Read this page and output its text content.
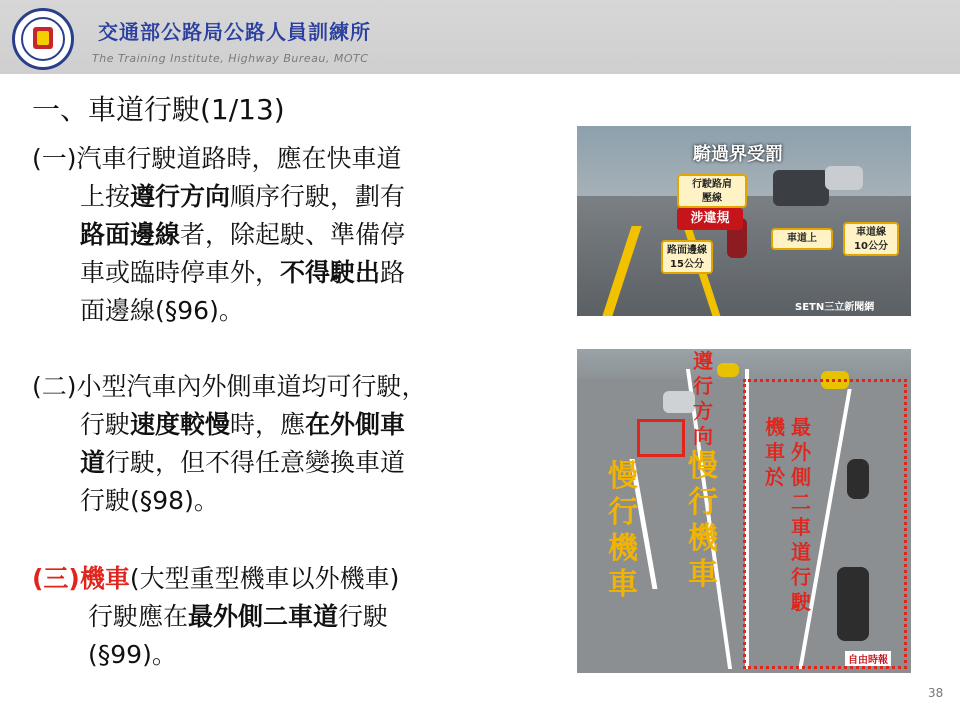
交通部公路局公路人員訓練所
The Training Institute, Highway Bureau, MOTC
一、車道行駛(1/13)
(一)汽車行駛道路時，應在快車道
上按遵行方向順序行駛，劃有
路面邊線者，除起駛、準備停
車或臨時停車外，不得駛出路
面邊線(§96)。
(二)小型汽車內外側車道均可行駛，
行駛速度較慢時，應在外側車
道行駛，但不得任意變換車道
行駛(§98)。
(三)機車(大型重型機車以外機車)
行駛應在最外側二車道行駛
(§99)。
騎過界受罰
行駛路肩
壓線
涉違規
路面邊線
15公分
車道上
車道線
10公分
SETN三立新聞網
慢
行
機
車
慢
行
機
車
遵
行
方
向	機
車
於
最
外
側
二
車
道
行
駛
自由時報
38
